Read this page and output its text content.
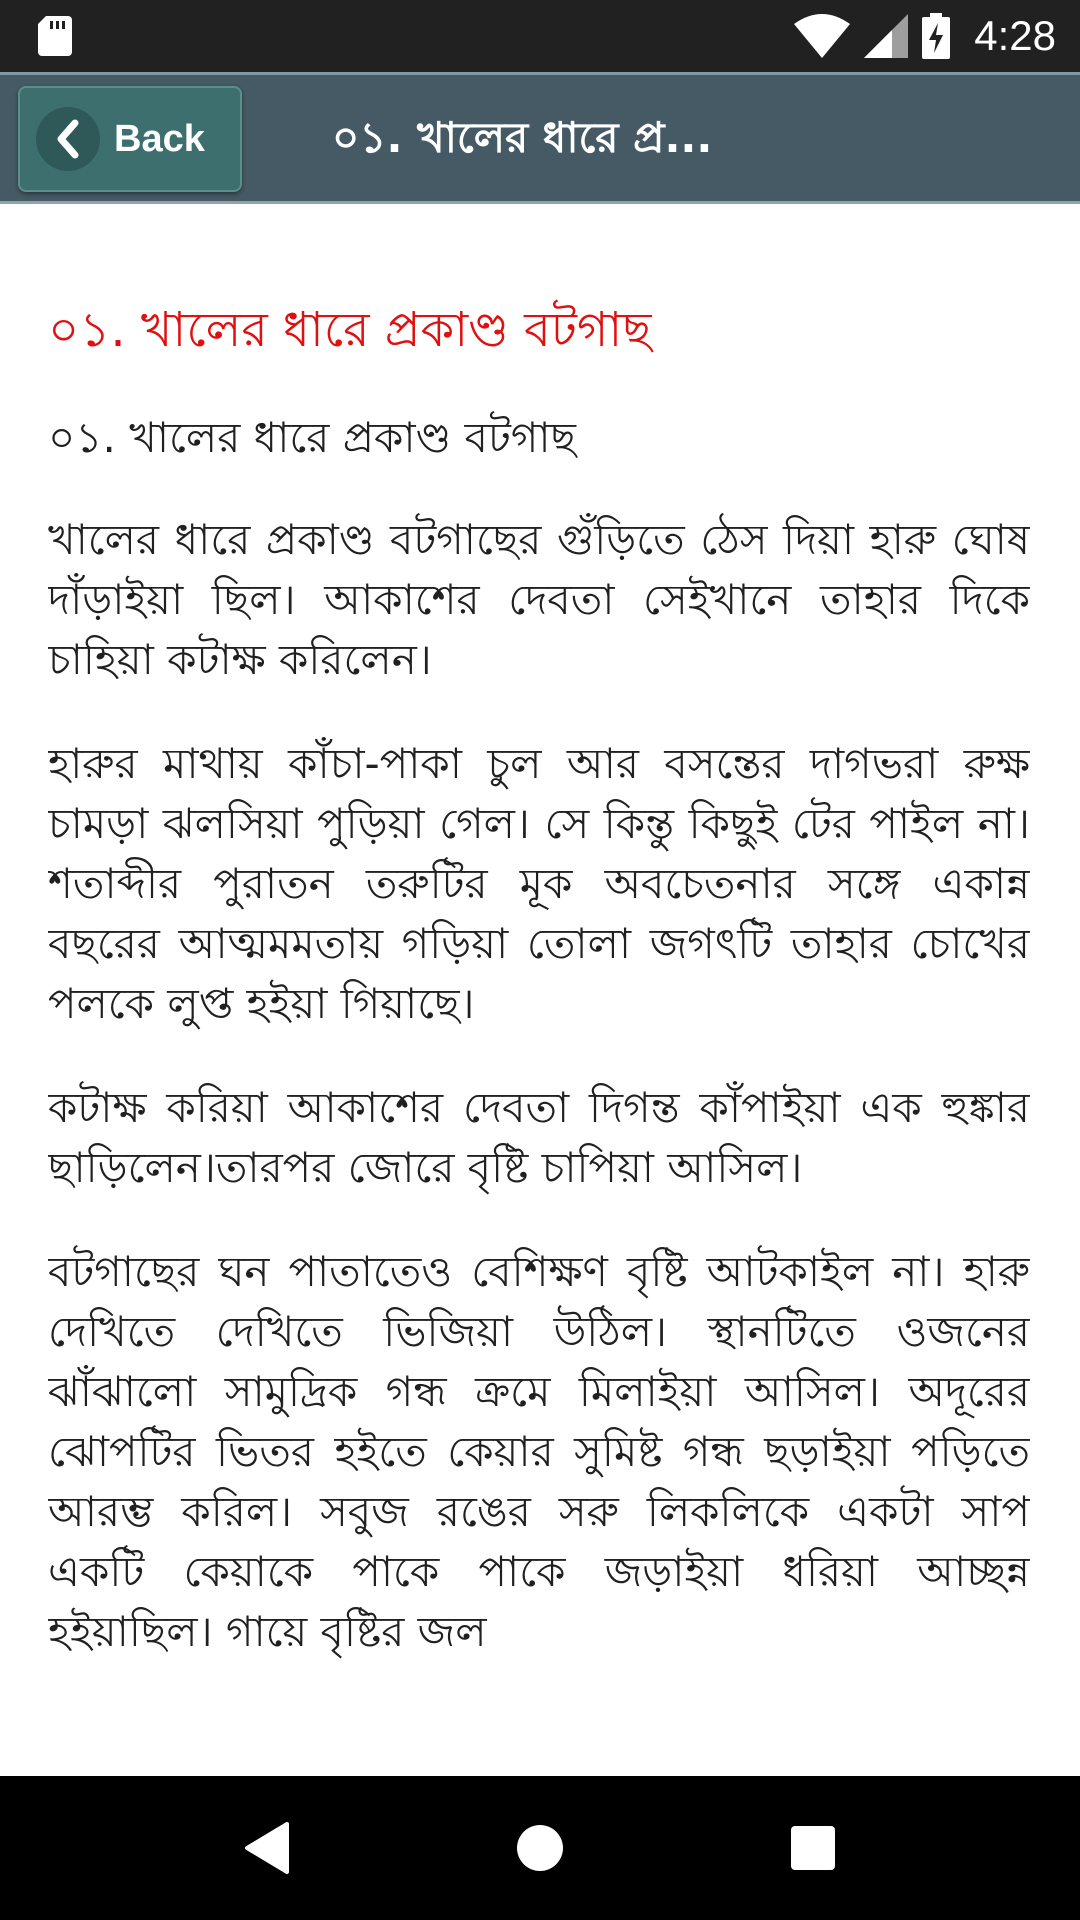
4:28
Back	০১. খালের ধারে প্র...
০১. খালের ধারে প্রকাণ্ড বটগাছ

০১. খালের ধারে প্রকাণ্ড বটগাছ

খালের ধারে প্রকাণ্ড বটগাছের গুঁড়িতে ঠেস দিয়া হারু ঘোষ দাঁড়াইয়া ছিল। আকাশের দেবতা সেইখানে তাহার দিকে চাহিয়া কটাক্ষ করিলেন।

হারুর মাথায় কাঁচা-পাকা চুল আর বসন্তের দাগভরা রুক্ষ চামড়া ঝলসিয়া পুড়িয়া গেল। সে কিন্তু কিছুই টের পাইল না। শতাব্দীর পুরাতন তরুটির মূক অবচেতনার সঙ্গে একান্ন বছরের আত্মমমতায় গড়িয়া তোলা জগৎটি তাহার চোখের পলকে লুপ্ত হইয়া গিয়াছে।

কটাক্ষ করিয়া আকাশের দেবতা দিগন্ত কাঁপাইয়া এক হুঙ্কার ছাড়িলেন।তারপর জোরে বৃষ্টি চাপিয়া আসিল।

বটগাছের ঘন পাতাতেও বেশিক্ষণ বৃষ্টি আটকাইল না। হারু দেখিতে দেখিতে ভিজিয়া উঠিল। স্থানটিতে ওজনের ঝাঁঝালো সামুদ্রিক গন্ধ ক্রমে মিলাইয়া আসিল। অদূরের ঝোপটির ভিতর হইতে কেয়ার সুমিষ্ট গন্ধ ছড়াইয়া পড়িতে আরম্ভ করিল। সবুজ রঙের সরু লিকলিকে একটা সাপ একটি কেয়াকে পাকে পাকে জড়াইয়া ধরিয়া আচ্ছন্ন হইয়াছিল। গায়ে বৃষ্টির জল
